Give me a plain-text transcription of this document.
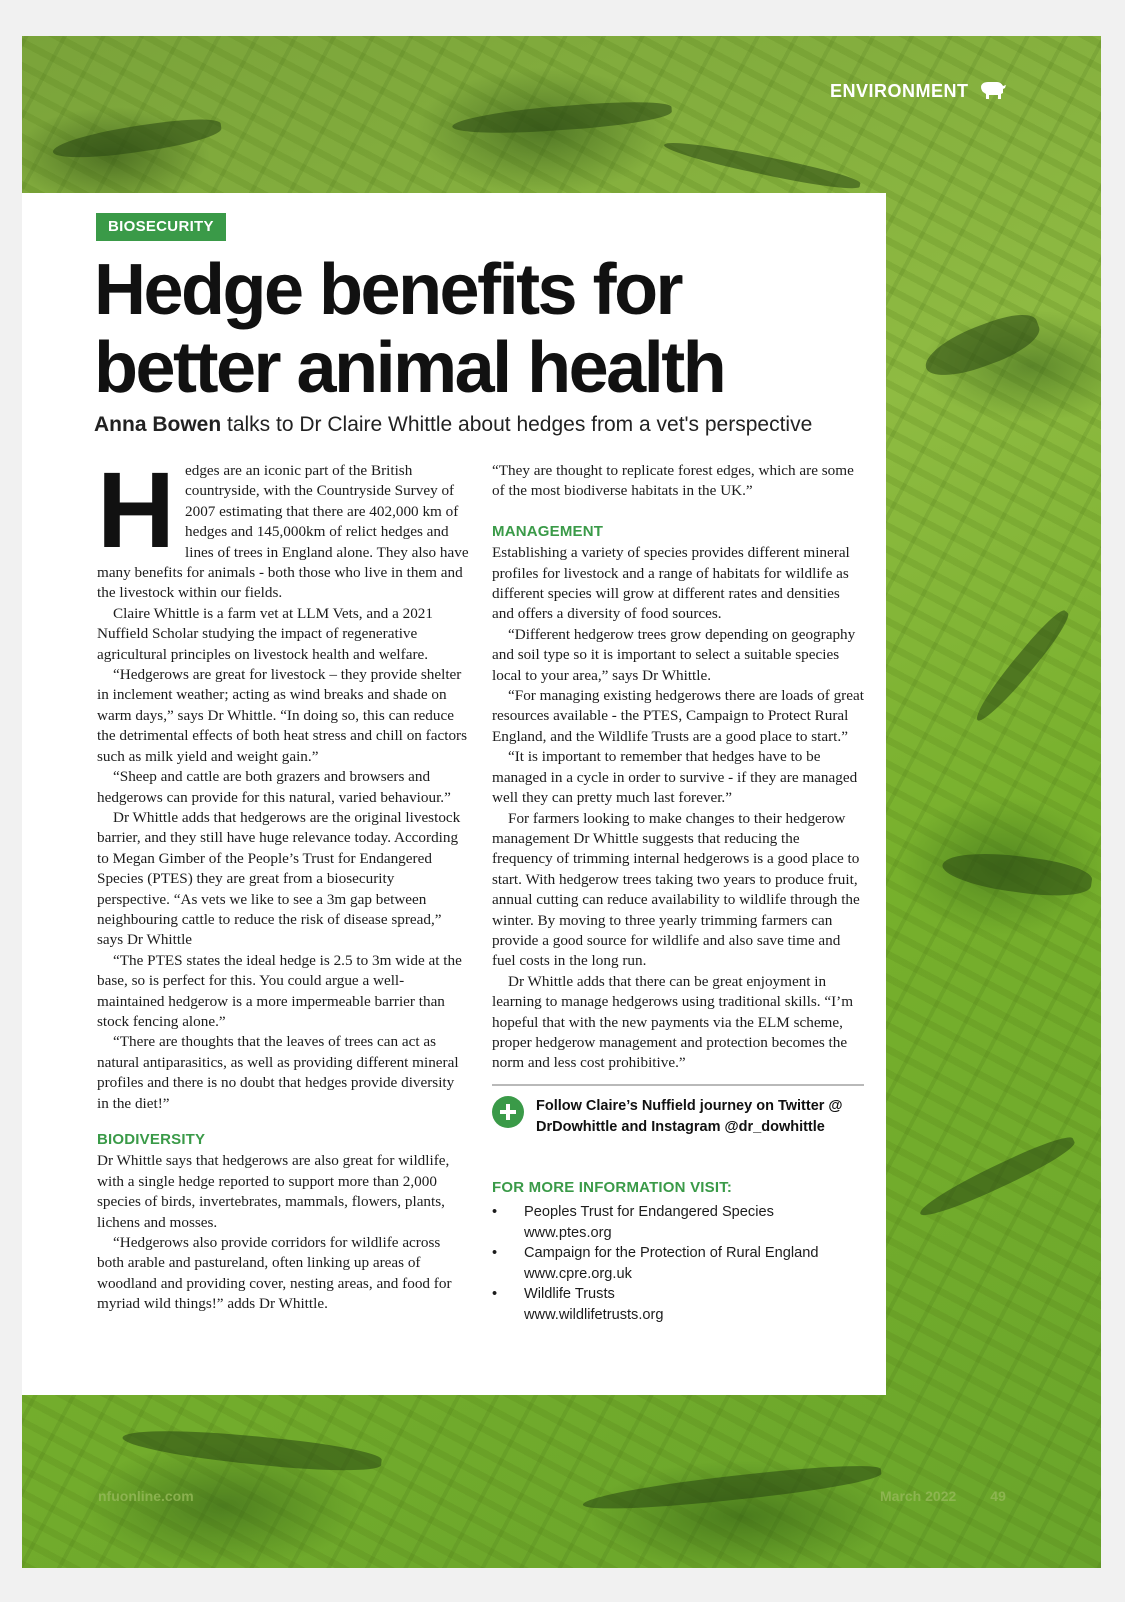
ENVIRONMENT
BIOSECURITY
Hedge benefits for
better animal health
Anna Bowen talks to Dr Claire Whittle about hedges from a vet's perspective
H edges are an iconic part of the British countryside, with the Countryside Survey of 2007 estimating that there are 402,000 km of hedges and 145,000km of relict hedges and lines of trees in England alone. They also have many benefits for animals - both those who live in them and the livestock within our fields.

Claire Whittle is a farm vet at LLM Vets, and a 2021 Nuffield Scholar studying the impact of regenerative agricultural principles on livestock health and welfare.

“Hedgerows are great for livestock – they provide shelter in inclement weather; acting as wind breaks and shade on warm days,” says Dr Whittle. “In doing so, this can reduce the detrimental effects of both heat stress and chill on factors such as milk yield and weight gain.”

“Sheep and cattle are both grazers and browsers and hedgerows can provide for this natural, varied behaviour.”

Dr Whittle adds that hedgerows are the original livestock barrier, and they still have huge relevance today. According to Megan Gimber of the People’s Trust for Endangered Species (PTES) they are great from a biosecurity perspective. “As vets we like to see a 3m gap between neighbouring cattle to reduce the risk of disease spread,” says Dr Whittle

“The PTES states the ideal hedge is 2.5 to 3m wide at the base, so is perfect for this. You could argue a well-maintained hedgerow is a more impermeable barrier than stock fencing alone.”

“There are thoughts that the leaves of trees can act as natural antiparasitics, as well as providing different mineral profiles and there is no doubt that hedges provide diversity in the diet!”

BIODIVERSITY

Dr Whittle says that hedgerows are also great for wildlife, with a single hedge reported to support more than 2,000 species of birds, invertebrates, mammals, flowers, plants, lichens and mosses.

“Hedgerows also provide corridors for wildlife across both arable and pastureland, often linking up areas of woodland and providing cover, nesting areas, and food for myriad wild things!” adds Dr Whittle.

“They are thought to replicate forest edges, which are some of the most biodiverse habitats in the UK.”

MANAGEMENT

Establishing a variety of species provides different mineral profiles for livestock and a range of habitats for wildlife as different species will grow at different rates and densities and offers a diversity of food sources.

“Different hedgerow trees grow depending on geography and soil type so it is important to select a suitable species local to your area,” says Dr Whittle.

“For managing existing hedgerows there are loads of great resources available - the PTES, Campaign to Protect Rural England, and the Wildlife Trusts are a good place to start.”

“It is important to remember that hedges have to be managed in a cycle in order to survive - if they are managed well they can pretty much last forever.”

For farmers looking to make changes to their hedgerow management Dr Whittle suggests that reducing the frequency of trimming internal hedgerows is a good place to start. With hedgerow trees taking two years to produce fruit, annual cutting can reduce availability to wildlife through the winter. By moving to three yearly trimming farmers can provide a good source for wildlife and also save time and fuel costs in the long run.

Dr Whittle adds that there can be great enjoyment in learning to manage hedgerows using traditional skills. “I’m hopeful that with the new payments via the ELM scheme, proper hedgerow management and protection becomes the norm and less cost prohibitive.”

Follow Claire’s Nuffield journey on Twitter @
DrDowhittle and Instagram @dr_dowhittle
FOR MORE INFORMATION VISIT:
• Peoples Trust for Endangered Species
www.ptes.org
• Campaign for the Protection of Rural England
www.cpre.org.uk
• Wildlife Trusts
www.wildlifetrusts.org
nfuonline.com	March 2022 49
